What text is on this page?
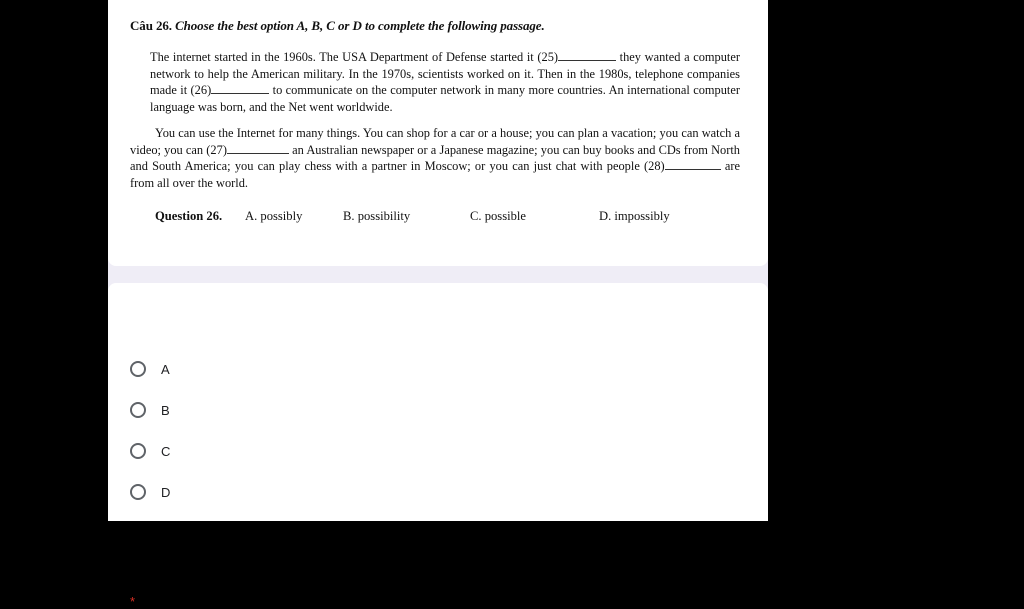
Câu 26. Choose the best option A, B, C or D to complete the following passage.
The internet started in the 1960s. The USA Department of Defense started it (25)	they wanted a computer network to help the American military. In the 1970s, scientists worked on it. Then in the 1980s, telephone companies made it (26)	to communicate on the computer network in many more countries. An international computer language was born, and the Net went worldwide.
You can use the Internet for many things. You can shop for a car or a house; you can plan a vacation; you can watch a video; you can (27)	an Australian newspaper or a Japanese magazine; you can buy books and CDs from North and South America; you can play chess with a partner in Moscow; or you can just chat with people (28)	are from all over the world.
Question 26. A. possibly	B. possibility	C. possible	D. impossibly
*
A
B
C
D
